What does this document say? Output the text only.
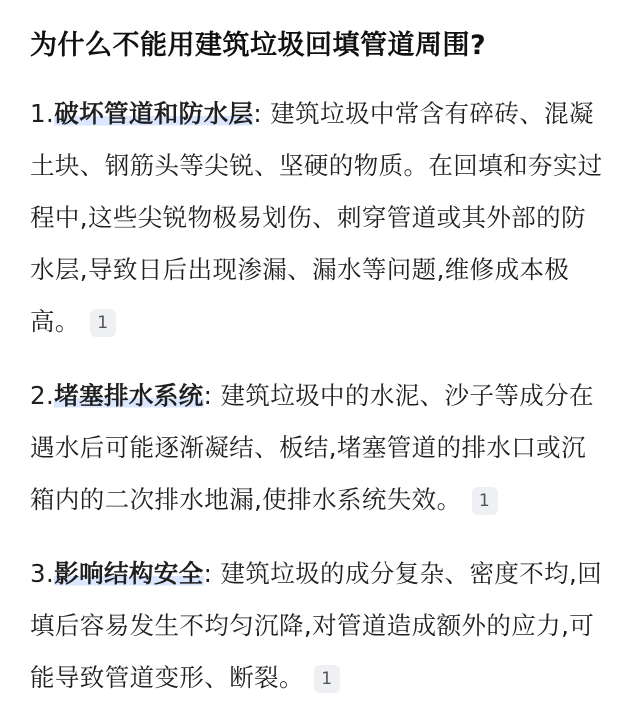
为什么不能用建筑垃圾回填管道周围?
1.破坏管道和防水层: 建筑垃圾中常含有碎砖、混凝土块、钢筋头等尖锐、坚硬的物质。在回填和夯实过程中,这些尖锐物极易划伤、刺穿管道或其外部的防水层,导致日后出现渗漏、漏水等问题,维修成本极高。 1
2.堵塞排水系统: 建筑垃圾中的水泥、沙子等成分在遇水后可能逐渐凝结、板结,堵塞管道的排水口或沉箱内的二次排水地漏,使排水系统失效。 1
3.影响结构安全: 建筑垃圾的成分复杂、密度不均,回填后容易发生不均匀沉降,对管道造成额外的应力,可能导致管道变形、断裂。 1
